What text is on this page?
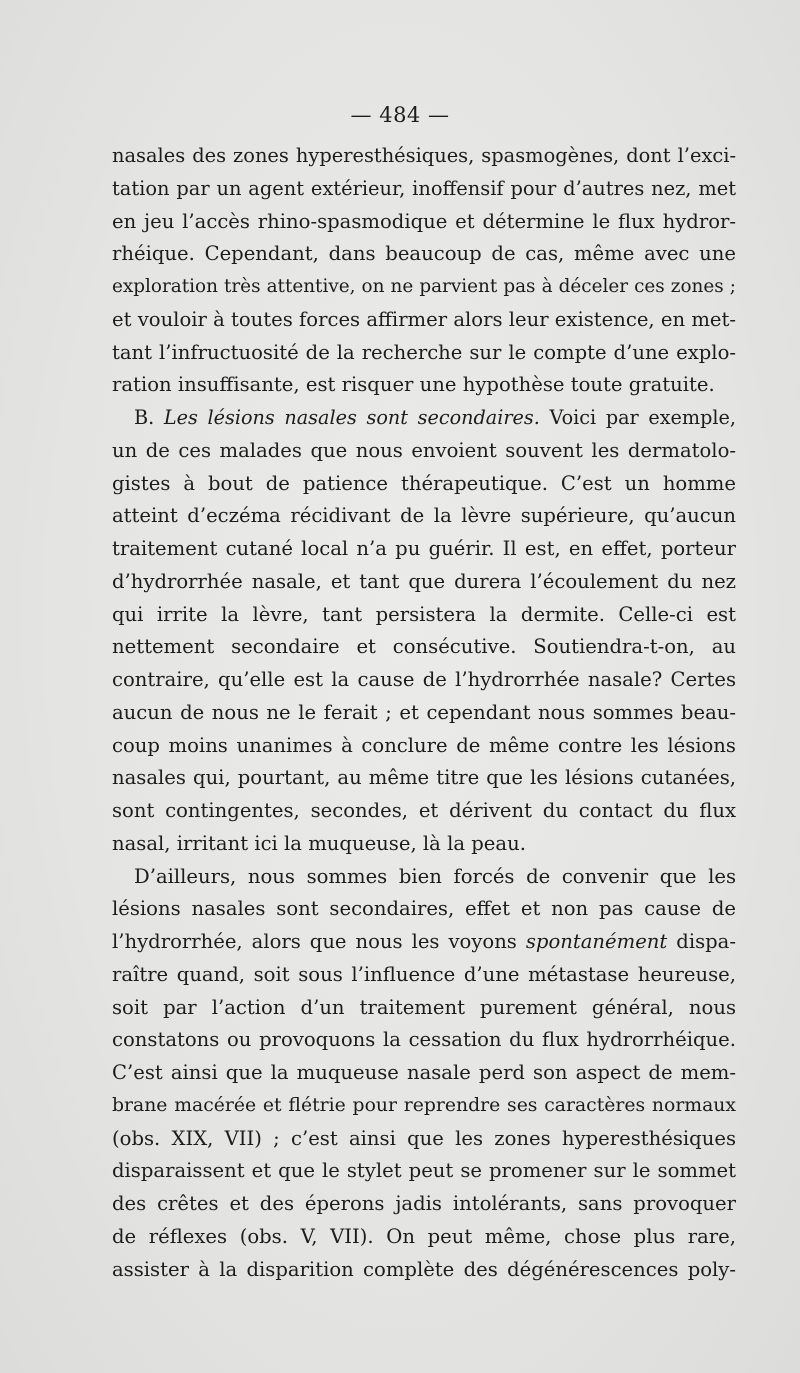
— 484 —
nasales des zones hyperesthésiques, spasmogènes, dont l’exci-
tation par un agent extérieur, inoffensif pour d’autres nez, met
en jeu l’accès rhino-spasmodique et détermine le flux hydror-
rhéique. Cependant, dans beaucoup de cas, même avec une
exploration très attentive, on ne parvient pas à déceler ces zones ;
et vouloir à toutes forces affirmer alors leur existence, en met-
tant l’infructuosité de la recherche sur le compte d’une explo-
ration insuffisante, est risquer une hypothèse toute gratuite.
B. Les lésions nasales sont secondaires. Voici par exemple,
un de ces malades que nous envoient souvent les dermatolo-
gistes à bout de patience thérapeutique. C’est un homme
atteint d’eczéma récidivant de la lèvre supérieure, qu’aucun
traitement cutané local n’a pu guérir. Il est, en effet, porteur
d’hydrorrhée nasale, et tant que durera l’écoulement du nez
qui irrite la lèvre, tant persistera la dermite. Celle-ci est
nettement secondaire et consécutive. Soutiendra-t-on, au
contraire, qu’elle est la cause de l’hydrorrhée nasale? Certes
aucun de nous ne le ferait ; et cependant nous sommes beau-
coup moins unanimes à conclure de même contre les lésions
nasales qui, pourtant, au même titre que les lésions cutanées,
sont contingentes, secondes, et dérivent du contact du flux
nasal, irritant ici la muqueuse, là la peau.
D’ailleurs, nous sommes bien forcés de convenir que les
lésions nasales sont secondaires, effet et non pas cause de
l’hydrorrhée, alors que nous les voyons spontanément dispa-
raître quand, soit sous l’influence d’une métastase heureuse,
soit par l’action d’un traitement purement général, nous
constatons ou provoquons la cessation du flux hydrorrhéique.
C’est ainsi que la muqueuse nasale perd son aspect de mem-
brane macérée et flétrie pour reprendre ses caractères normaux
(obs. XIX, VII) ; c’est ainsi que les zones hyperesthésiques
disparaissent et que le stylet peut se promener sur le sommet
des crêtes et des éperons jadis intolérants, sans provoquer
de réflexes (obs. V, VII). On peut même, chose plus rare,
assister à la disparition complète des dégénérescences poly-
